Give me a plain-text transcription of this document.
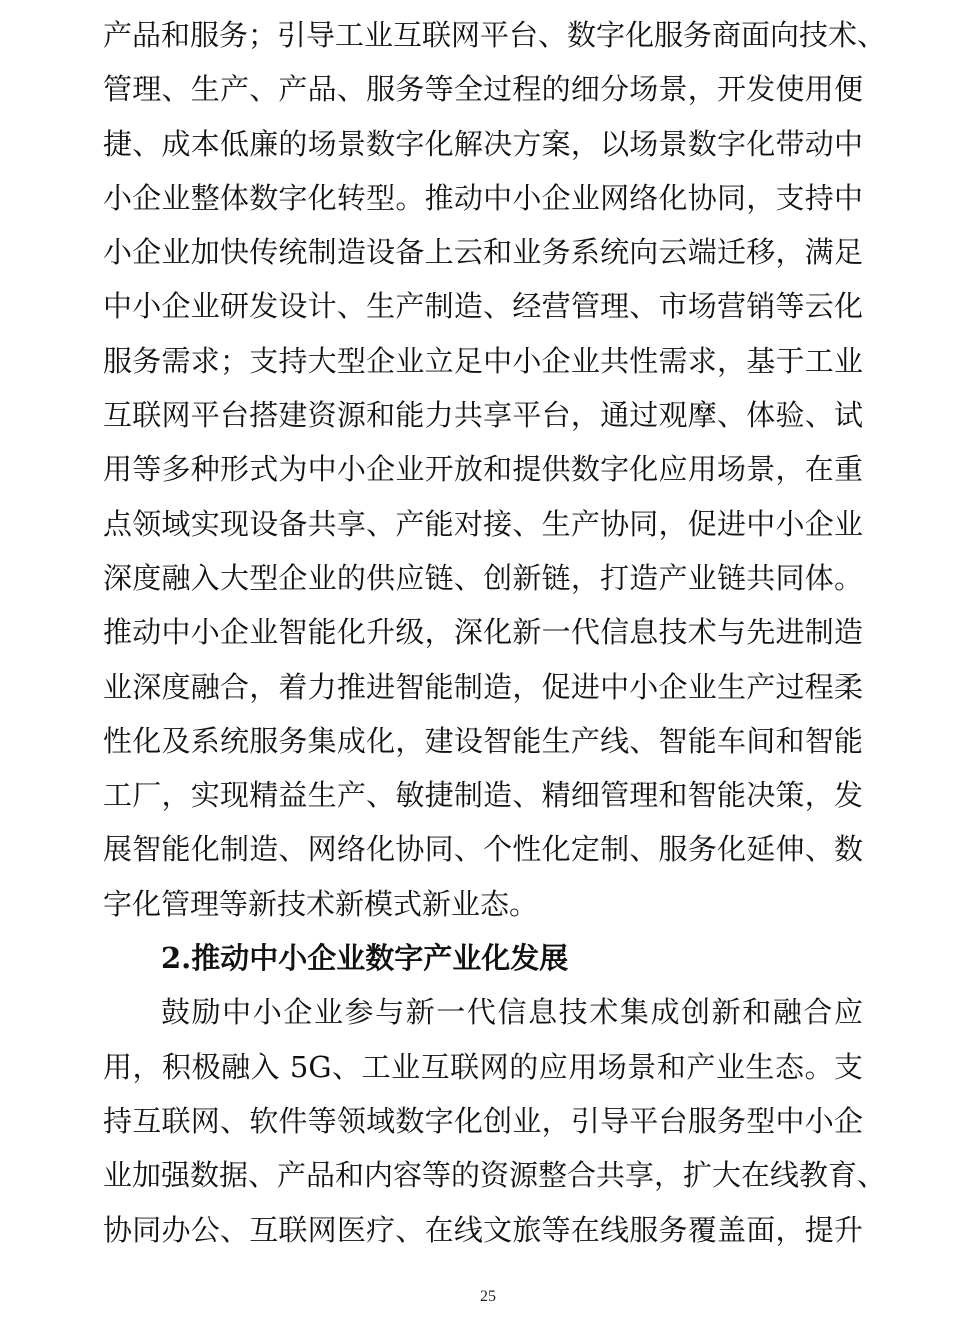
产品和服务；引导工业互联网平台、数字化服务商面向技术、
管理、生产、产品、服务等全过程的细分场景，开发使用便
捷、成本低廉的场景数字化解决方案，以场景数字化带动中
小企业整体数字化转型。推动中小企业网络化协同，支持中
小企业加快传统制造设备上云和业务系统向云端迁移，满足
中小企业研发设计、生产制造、经营管理、市场营销等云化
服务需求；支持大型企业立足中小企业共性需求，基于工业
互联网平台搭建资源和能力共享平台，通过观摩、体验、试
用等多种形式为中小企业开放和提供数字化应用场景，在重
点领域实现设备共享、产能对接、生产协同，促进中小企业
深度融入大型企业的供应链、创新链，打造产业链共同体。
推动中小企业智能化升级，深化新一代信息技术与先进制造
业深度融合，着力推进智能制造，促进中小企业生产过程柔
性化及系统服务集成化，建设智能生产线、智能车间和智能
工厂，实现精益生产、敏捷制造、精细管理和智能决策，发
展智能化制造、网络化协同、个性化定制、服务化延伸、数
字化管理等新技术新模式新业态。
2.推动中小企业数字产业化发展
鼓励中小企业参与新一代信息技术集成创新和融合应
用，积极融入 5G、工业互联网的应用场景和产业生态。支
持互联网、软件等领域数字化创业，引导平台服务型中小企
业加强数据、产品和内容等的资源整合共享，扩大在线教育、
协同办公、互联网医疗、在线文旅等在线服务覆盖面，提升
25
